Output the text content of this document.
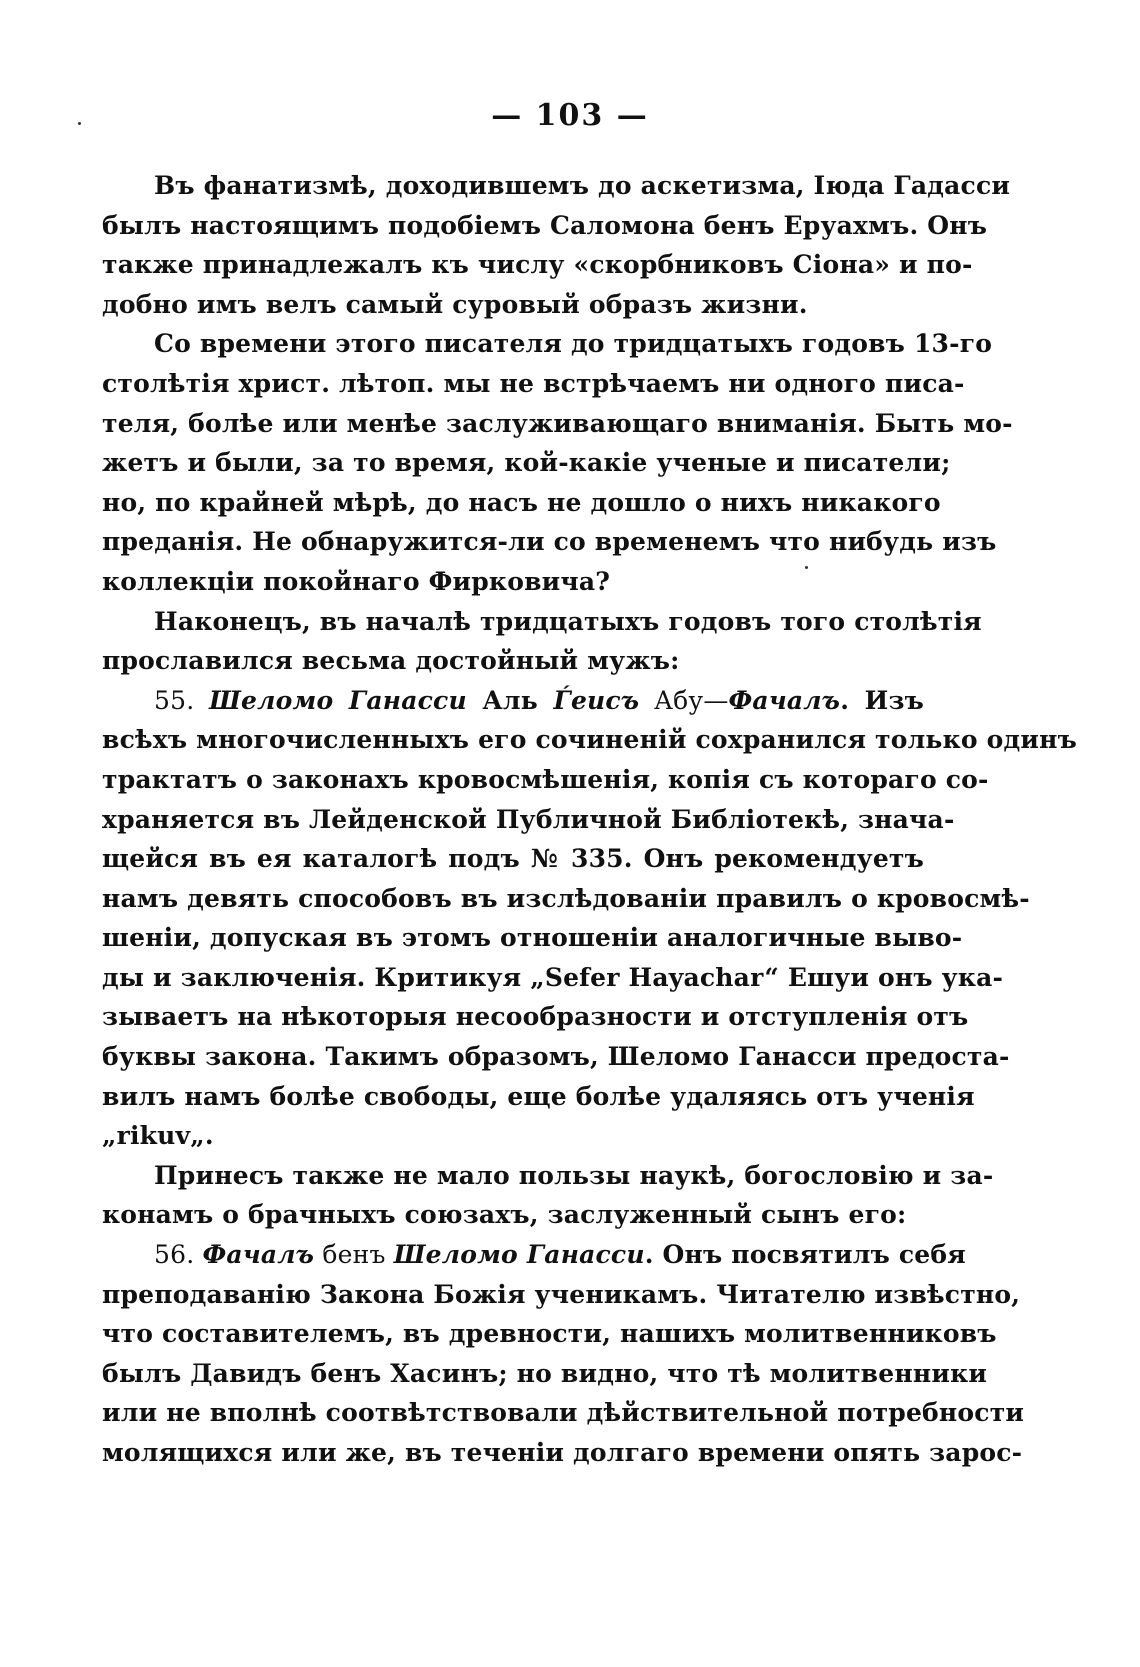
— 103 —
Въ фанатизмѣ, доходившемъ до аскетизма, Іюда Гадасси
былъ настоящимъ подобіемъ Саломона бенъ Еруахмъ. Онъ
также принадлежалъ къ числу «скорбниковъ Сіона» и по-
добно имъ велъ самый суровый образъ жизни.
Со времени этого писателя до тридцатыхъ годовъ 13-го
столѣтія христ. лѣтоп. мы не встрѣчаемъ ни одного писа-
теля, болѣе или менѣе заслуживающаго вниманія. Быть мо-
жетъ и были, за то время, кой-какіе ученые и писатели;
но, по крайней мѣрѣ, до насъ не дошло о нихъ никакого
преданія. Не обнаружится-ли со временемъ что нибудь изъ
коллекціи покойнаго Фирковича?
Наконецъ, въ началѣ тридцатыхъ годовъ того столѣтія
прославился весьма достойный мужъ:
55. Шеломо Ганасси Аль Ѓеисъ Абу—Фачалъ. Изъ
всѣхъ многочисленныхъ его сочиненій сохранился только одинъ
трактатъ о законахъ кровосмѣшенія, копія съ котораго со-
храняется въ Лейденской Публичной Библіотекѣ, знача-
щейся въ ея каталогѣ подъ № 335. Онъ рекомендуетъ
намъ девять способовъ въ изслѣдованіи правилъ о кровосмѣ-
шеніи, допуская въ этомъ отношеніи аналогичные выво-
ды и заключенія. Критикуя „Sefer Hayachar“ Ешуи онъ ука-
зываетъ на нѣкоторыя несообразности и отступленія отъ
буквы закона. Такимъ образомъ, Шеломо Ганасси предоста-
вилъ намъ болѣе свободы, еще болѣе удаляясь отъ ученія
„rikuv„.
Принесъ также не мало пользы наукѣ, богословію и за-
конамъ о брачныхъ союзахъ, заслуженный сынъ его:
56. Фачалъ бенъ Шеломо Ганасси. Онъ посвятилъ себя
преподаванію Закона Божія ученикамъ. Читателю извѣстно,
что составителемъ, въ древности, нашихъ молитвенниковъ
былъ Давидъ бенъ Хасинъ; но видно, что тѣ молитвенники
или не вполнѣ соотвѣтствовали дѣйствительной потребности
молящихся или же, въ теченіи долгаго времени опять зарос-
